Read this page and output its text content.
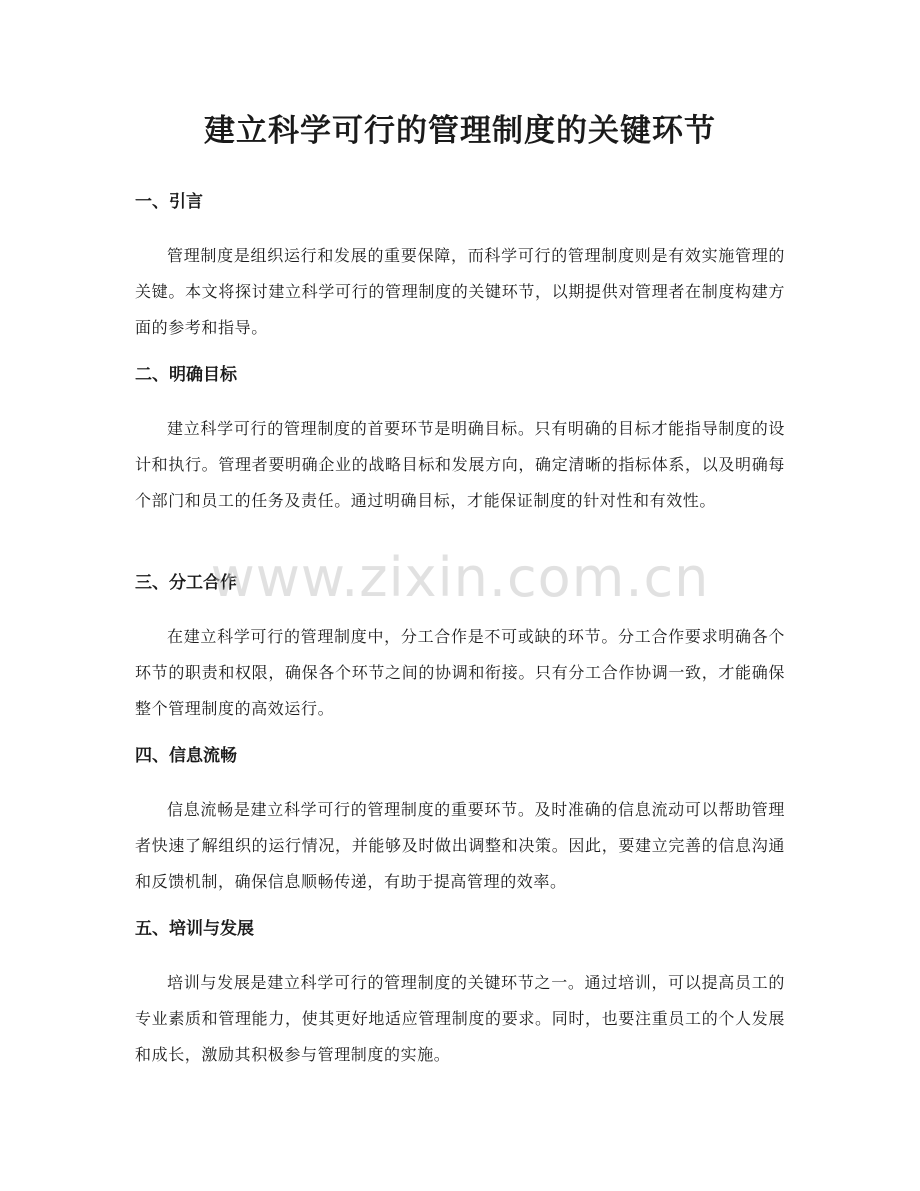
建立科学可行的管理制度的关键环节
一、引言

管理制度是组织运行和发展的重要保障，而科学可行的管理制度则是有效实施管理的关键。本文将探讨建立科学可行的管理制度的关键环节，以期提供对管理者在制度构建方面的参考和指导。

二、明确目标

建立科学可行的管理制度的首要环节是明确目标。只有明确的目标才能指导制度的设计和执行。管理者要明确企业的战略目标和发展方向，确定清晰的指标体系，以及明确每个部门和员工的任务及责任。通过明确目标，才能保证制度的针对性和有效性。

三、分工合作

在建立科学可行的管理制度中，分工合作是不可或缺的环节。分工合作要求明确各个环节的职责和权限，确保各个环节之间的协调和衔接。只有分工合作协调一致，才能确保整个管理制度的高效运行。

四、信息流畅

信息流畅是建立科学可行的管理制度的重要环节。及时准确的信息流动可以帮助管理者快速了解组织的运行情况，并能够及时做出调整和决策。因此，要建立完善的信息沟通和反馈机制，确保信息顺畅传递，有助于提高管理的效率。

五、培训与发展

培训与发展是建立科学可行的管理制度的关键环节之一。通过培训，可以提高员工的专业素质和管理能力，使其更好地适应管理制度的要求。同时，也要注重员工的个人发展和成长，激励其积极参与管理制度的实施。

www.zixin.com.cn
